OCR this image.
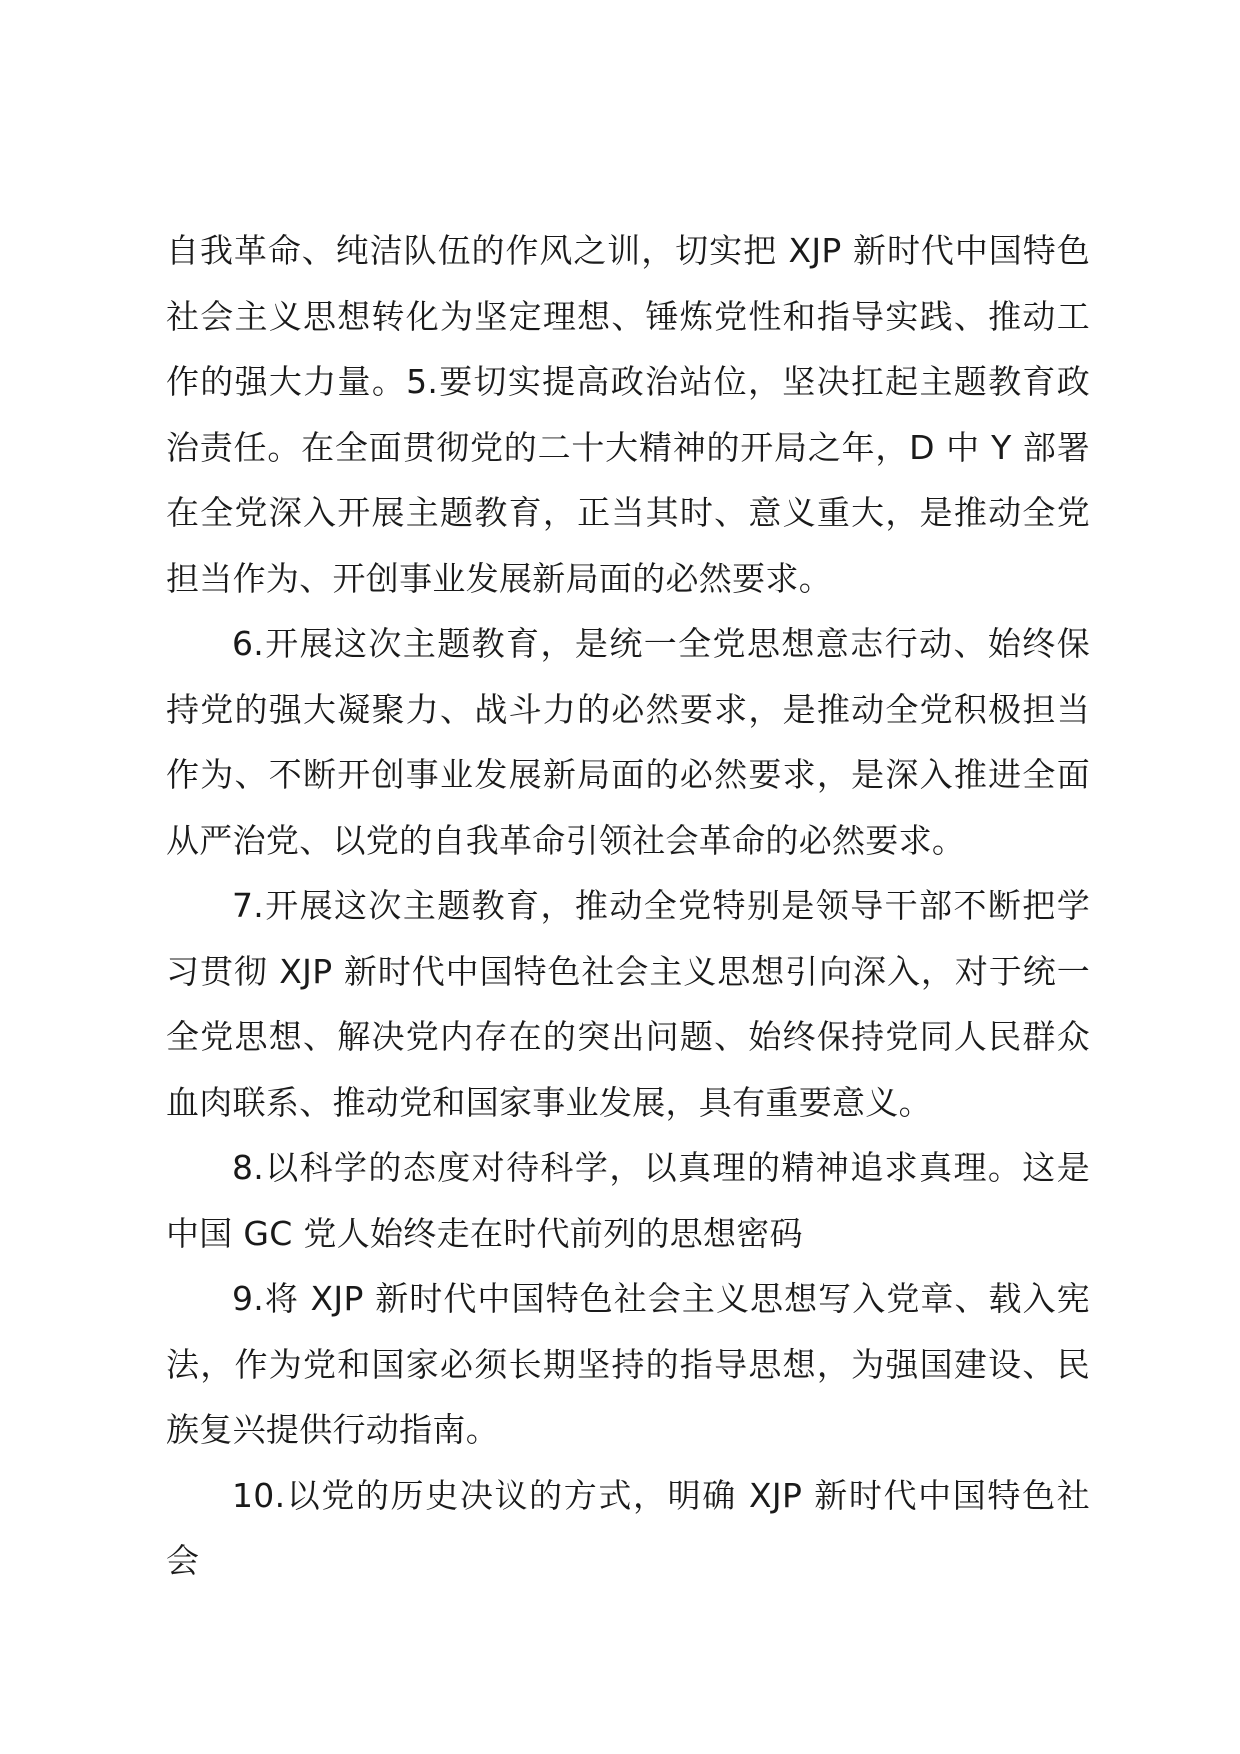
自我革命、纯洁队伍的作风之训，切实把 XJP 新时代中国特色社会主义思想转化为坚定理想、锤炼党性和指导实践、推动工作的强大力量。5.要切实提高政治站位，坚决扛起主题教育政治责任。在全面贯彻党的二十大精神的开局之年，D 中 Y 部署在全党深入开展主题教育，正当其时、意义重大，是推动全党担当作为、开创事业发展新局面的必然要求。

6.开展这次主题教育，是统一全党思想意志行动、始终保持党的强大凝聚力、战斗力的必然要求，是推动全党积极担当作为、不断开创事业发展新局面的必然要求，是深入推进全面从严治党、以党的自我革命引领社会革命的必然要求。

7.开展这次主题教育，推动全党特别是领导干部不断把学习贯彻 XJP 新时代中国特色社会主义思想引向深入，对于统一全党思想、解决党内存在的突出问题、始终保持党同人民群众血肉联系、推动党和国家事业发展，具有重要意义。

8.以科学的态度对待科学，以真理的精神追求真理。这是中国 GC 党人始终走在时代前列的思想密码

9.将 XJP 新时代中国特色社会主义思想写入党章、载入宪法，作为党和国家必须长期坚持的指导思想，为强国建设、民族复兴提供行动指南。

10.以党的历史决议的方式，明确 XJP 新时代中国特色社会
